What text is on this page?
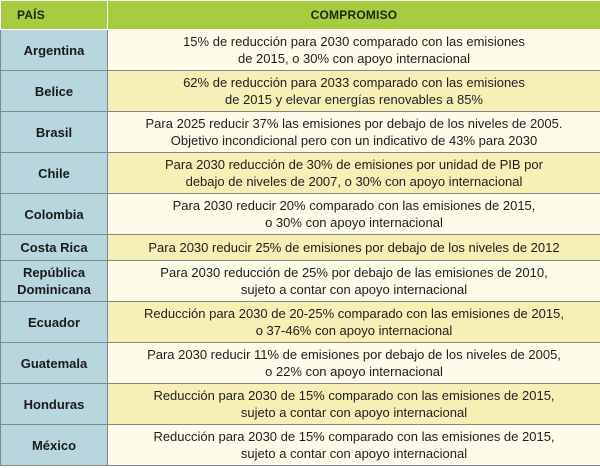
PAÍS	COMPROMISO
Argentina	15% de reducción para 2030 comparado con las emisiones
de 2015, o 30% con apoyo internacional

Belice	62% de reducción para 2033 comparado con las emisiones
de 2015 y elevar energías renovables a 85%

Brasil	Para 2025 reducir 37% las emisiones por debajo de los niveles de 2005.
Objetivo incondicional pero con un indicativo de 43% para 2030

Chile	Para 2030 reducción de 30% de emisiones por unidad de PIB por
debajo de niveles de 2007, o 30% con apoyo internacional

Colombia	Para 2030 reducir 20% comparado con las emisiones de 2015,
o 30% con apoyo internacional

Costa Rica	Para 2030 reducir 25% de emisiones por debajo de los niveles de 2012

República Dominicana	Para 2030 reducción de 25% por debajo de las emisiones de 2010,
sujeto a contar con apoyo internacional

Ecuador	Reducción para 2030 de 20-25% comparado con las emisiones de 2015,
o 37-46% con apoyo internacional

Guatemala	Para 2030 reducir 11% de emisiones por debajo de los niveles de 2005,
o 22% con apoyo internacional

Honduras	Reducción para 2030 de 15% comparado con las emisiones de 2015,
sujeto a contar con apoyo internacional

México	Reducción para 2030 de 15% comparado con las emisiones de 2015,
sujeto a contar con apoyo internacional
